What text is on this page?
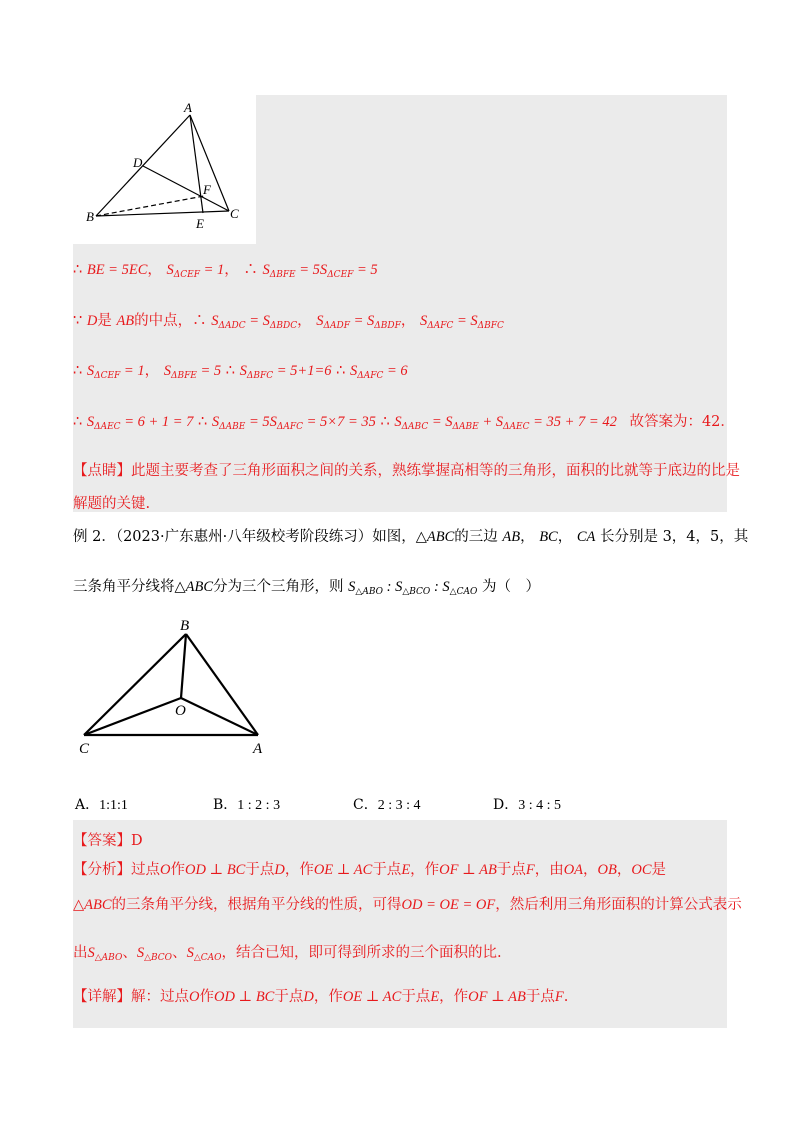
A
D
F
B	C
E
∴ BE = 5EC， $S_{\Delta CEF} = 1$， ∴ $S_{\Delta BFE} = 5S_{\Delta CEF} = 5$
∵ D是 AB的中点，∴ $S_{\Delta ADC} = S_{\Delta BDC}$， $S_{\Delta ADF} = S_{\Delta BDF}$， $S_{\Delta AFC} = S_{\Delta BFC}$
∴ $S_{\Delta CEF} = 1$， $S_{\Delta BFE} = 5$ ∴ $S_{\Delta BFC} = 5+1=6$ ∴ $S_{\Delta AFC} = 6$
∴ $S_{\Delta AEC} = 6 + 1 = 7$ ∴ $S_{\Delta ABE} = 5S_{\Delta AFC} = 5\times 7 = 35$ ∴ $S_{\Delta ABC} = S_{\Delta ABE} + S_{\Delta AEC} = 35 + 7 = 42$ 故答案为：42．
【点睛】此题主要考查了三角形面积之间的关系，熟练掌握高相等的三角形，面积的比就等于底边的比是
解题的关键.
例 2．（2023·广东惠州·八年级校考阶段练习）如图，△ABC的三边 AB， BC， CA 长分别是 3，4，5，其
三条角平分线将△ABC分为三个三角形，则 $S_{\triangle ABO}$ : $S_{\triangle BCO}$ : $S_{\triangle CAO}$ 为（　）
B
O
C	A
A．1:1:1	B．1 : 2 : 3	C．2 : 3 : 4	D．3 : 4 : 5
【答案】D
【分析】过点O作OD ⊥ BC于点D，作OE ⊥ AC于点E，作OF ⊥ AB于点F，由OA，OB，OC是
△ABC的三条角平分线，根据角平分线的性质，可得OD = OE = OF，然后利用三角形面积的计算公式表示
出$S_{\triangle ABO}$、$S_{\triangle BCO}$、$S_{\triangle CAO}$，结合已知，即可得到所求的三个面积的比.
【详解】解：过点O作OD ⊥ BC于点D，作OE ⊥ AC于点E，作OF ⊥ AB于点F.
